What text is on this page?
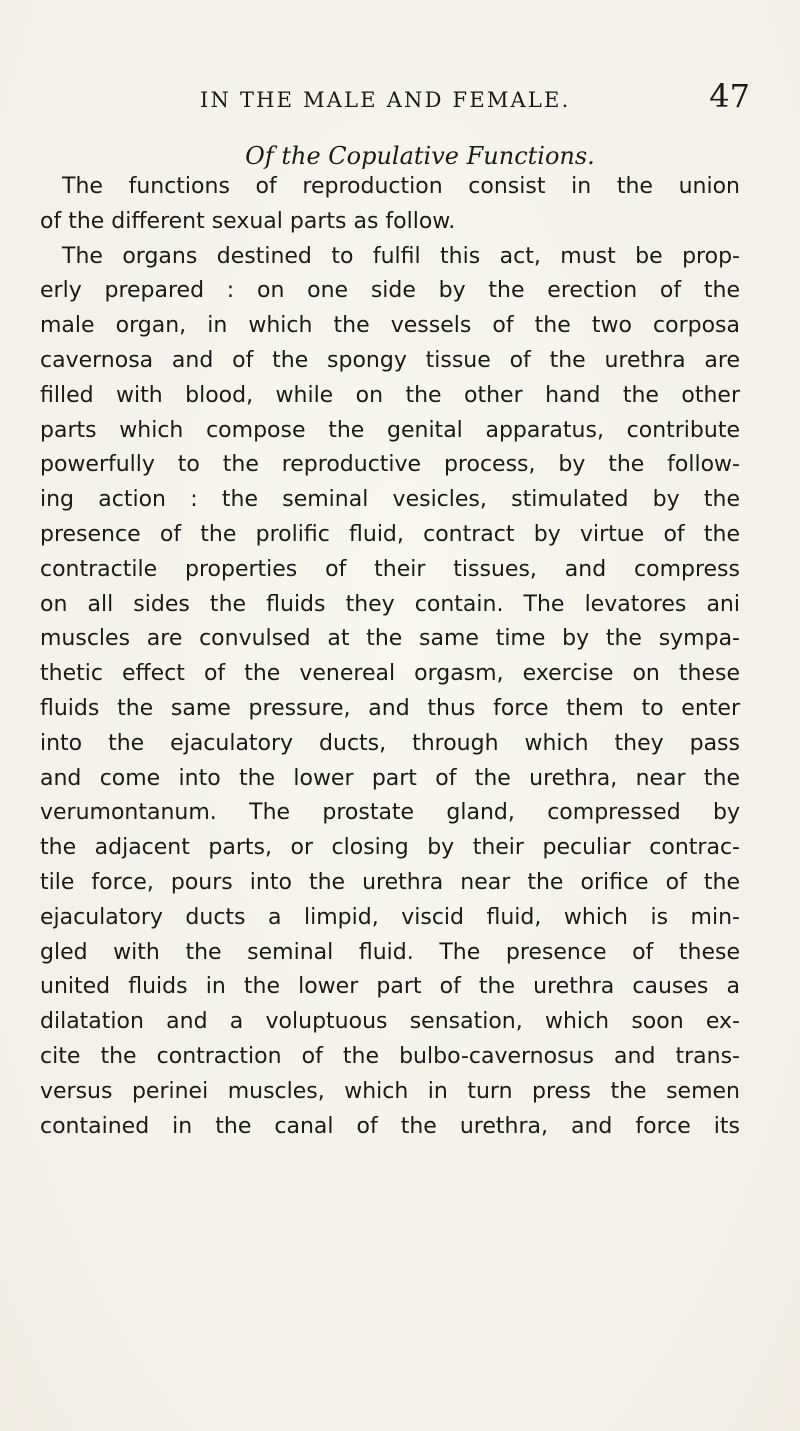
IN THE MALE AND FEMALE.	47
Of the Copulative Functions.
The functions of reproduction consist in the union
of the different sexual parts as follow.
The organs destined to fulfil this act, must be prop-
erly prepared : on one side by the erection of the
male organ, in which the vessels of the two corposa
cavernosa and of the spongy tissue of the urethra are
filled with blood, while on the other hand the other
parts which compose the genital apparatus, contribute
powerfully to the reproductive process, by the follow-
ing action : the seminal vesicles, stimulated by the
presence of the prolific fluid, contract by virtue of the
contractile properties of their tissues, and compress
on all sides the fluids they contain. The levatores ani
muscles are convulsed at the same time by the sympa-
thetic effect of the venereal orgasm, exercise on these
fluids the same pressure, and thus force them to enter
into the ejaculatory ducts, through which they pass
and come into the lower part of the urethra, near the
verumontanum. The prostate gland, compressed by
the adjacent parts, or closing by their peculiar contrac-
tile force, pours into the urethra near the orifice of the
ejaculatory ducts a limpid, viscid fluid, which is min-
gled with the seminal fluid. The presence of these
united fluids in the lower part of the urethra causes a
dilatation and a voluptuous sensation, which soon ex-
cite the contraction of the bulbo-cavernosus and trans-
versus perinei muscles, which in turn press the semen
contained in the canal of the urethra, and force its
